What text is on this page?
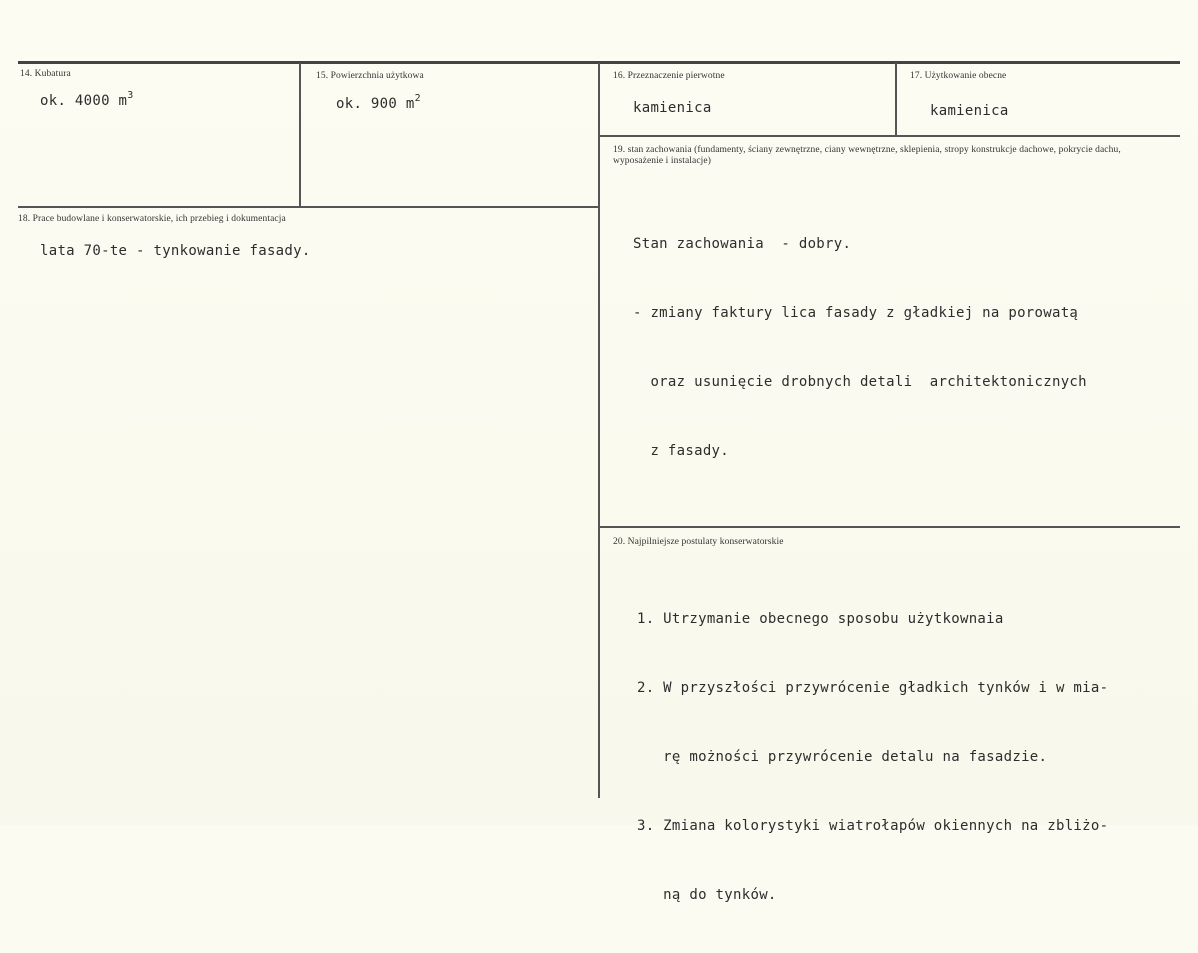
14. Kubatura
ok. 4000 $m^3$
15. Powierzchnia użytkowa
ok. 900 $m^2$
16. Przeznaczenie pierwotne
kamienica
17. Użytkowanie obecne
kamienica
18. Prace budowlane i konserwatorskie, ich przebieg i dokumentacja
lata 70-te - tynkowanie fasady.
19. stan zachowania (fundamenty, ściany zewnętrzne, ciany wewnętrzne, sklepienia, stropy konstrukcje dachowe, pokrycie dachu, wyposażenie i instalacje)

Stan zachowania  - dobry.

- zmiany faktury lica fasady z gładkiej na porowatą

oraz usunięcie drobnych detali  architektonicznych

z fasady.

20. Najpilniejsze postulaty konserwatorskie

1. Utrzymanie obecnego sposobu użytkownaia

2. W przyszłości przywrócenie gładkich tynków i w mia-

rę możności przywrócenie detalu na fasadzie.

3. Zmiana kolorystyki wiatrołapów okiennych na zbliżo-

ną do tynków.
